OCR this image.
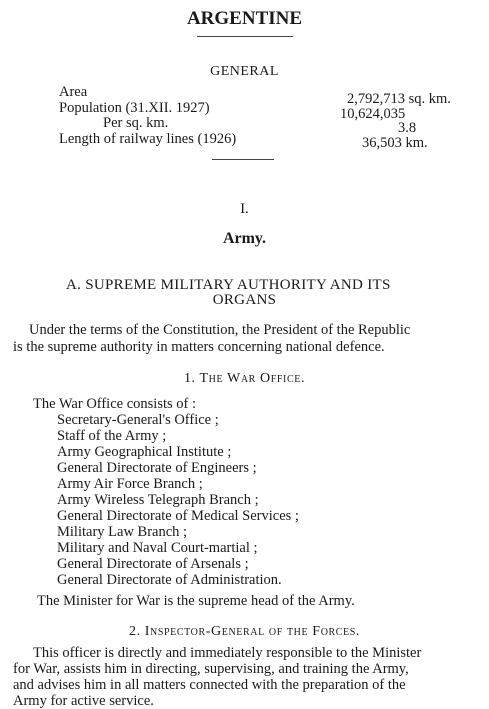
ARGENTINE
GENERAL
Area	2,792,713 sq. km.
Population (31.XII. 1927)	10,624,035
Per sq. km.	3.8
Length of railway lines (1926)	36,503 km.
I.
Army.
A. SUPREME MILITARY AUTHORITY AND ITS
ORGANS
Under the terms of the Constitution, the President of the Republic
is the supreme authority in matters concerning national defence.
1. The War Office.
The War Office consists of :
Secretary-General's Office ;
Staff of the Army ;
Army Geographical Institute ;
General Directorate of Engineers ;
Army Air Force Branch ;
Army Wireless Telegraph Branch ;
General Directorate of Medical Services ;
Military Law Branch ;
Military and Naval Court-martial ;
General Directorate of Arsenals ;
General Directorate of Administration.
The Minister for War is the supreme head of the Army.
2. Inspector-General of the Forces.
This officer is directly and immediately responsible to the Minister
for War, assists him in directing, supervising, and training the Army,
and advises him in all matters connected with the preparation of the
Army for active service.
